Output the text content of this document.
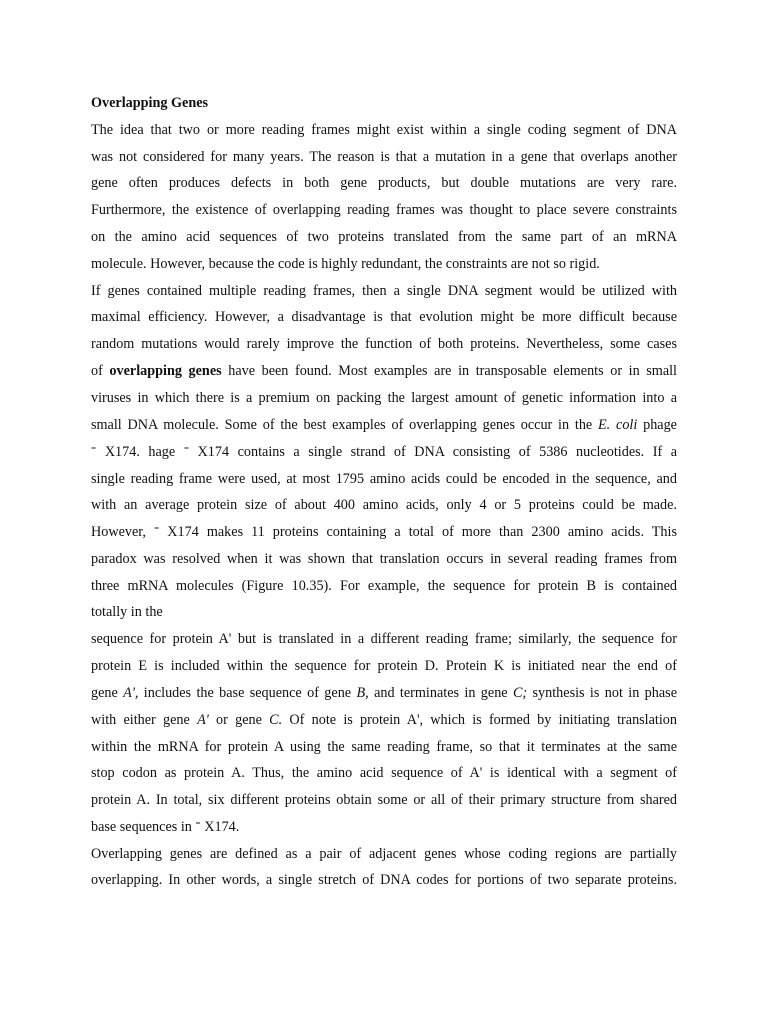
Overlapping Genes
The idea that two or more reading frames might exist within a single coding segment of DNA
was not considered for many years. The reason is that a mutation in a gene that overlaps another
gene often produces defects in both gene products, but double mutations are very rare.
Furthermore, the existence of overlapping reading frames was thought to place severe constraints
on the amino acid sequences of two proteins translated from the same part of an mRNA
molecule. However, because the code is highly redundant, the constraints are not so rigid.
If genes contained multiple reading frames, then a single DNA segment would be utilized with
maximal efficiency. However, a disadvantage is that evolution might be more difficult because
random mutations would rarely improve the function of both proteins. Nevertheless, some cases
of overlapping genes have been found. Most examples are in transposable elements or in small
viruses in which there is a premium on packing the largest amount of genetic information into a
small DNA molecule. Some of the best examples of overlapping genes occur in the E. coli phage
⁼ X174. hage ⁼ X174 contains a single strand of DNA consisting of 5386 nucleotides. If a
single reading frame were used, at most 1795 amino acids could be encoded in the sequence, and
with an average protein size of about 400 amino acids, only 4 or 5 proteins could be made.
However, ⁼ X174 makes 11 proteins containing a total of more than 2300 amino acids. This
paradox was resolved when it was shown that translation occurs in several reading frames from
three mRNA molecules (Figure 10.35). For example, the sequence for protein B is contained
totally in the
sequence for protein A' but is translated in a different reading frame; similarly, the sequence for
protein E is included within the sequence for protein D. Protein K is initiated near the end of
gene A', includes the base sequence of gene B, and terminates in gene C; synthesis is not in phase
with either gene A' or gene C. Of note is protein A', which is formed by initiating translation
within the mRNA for protein A using the same reading frame, so that it terminates at the same
stop codon as protein A. Thus, the amino acid sequence of A' is identical with a segment of
protein A. In total, six different proteins obtain some or all of their primary structure from shared
base sequences in ⁼ X174.
Overlapping genes are defined as a pair of adjacent genes whose coding regions are partially
overlapping. In other words, a single stretch of DNA codes for portions of two separate proteins.
